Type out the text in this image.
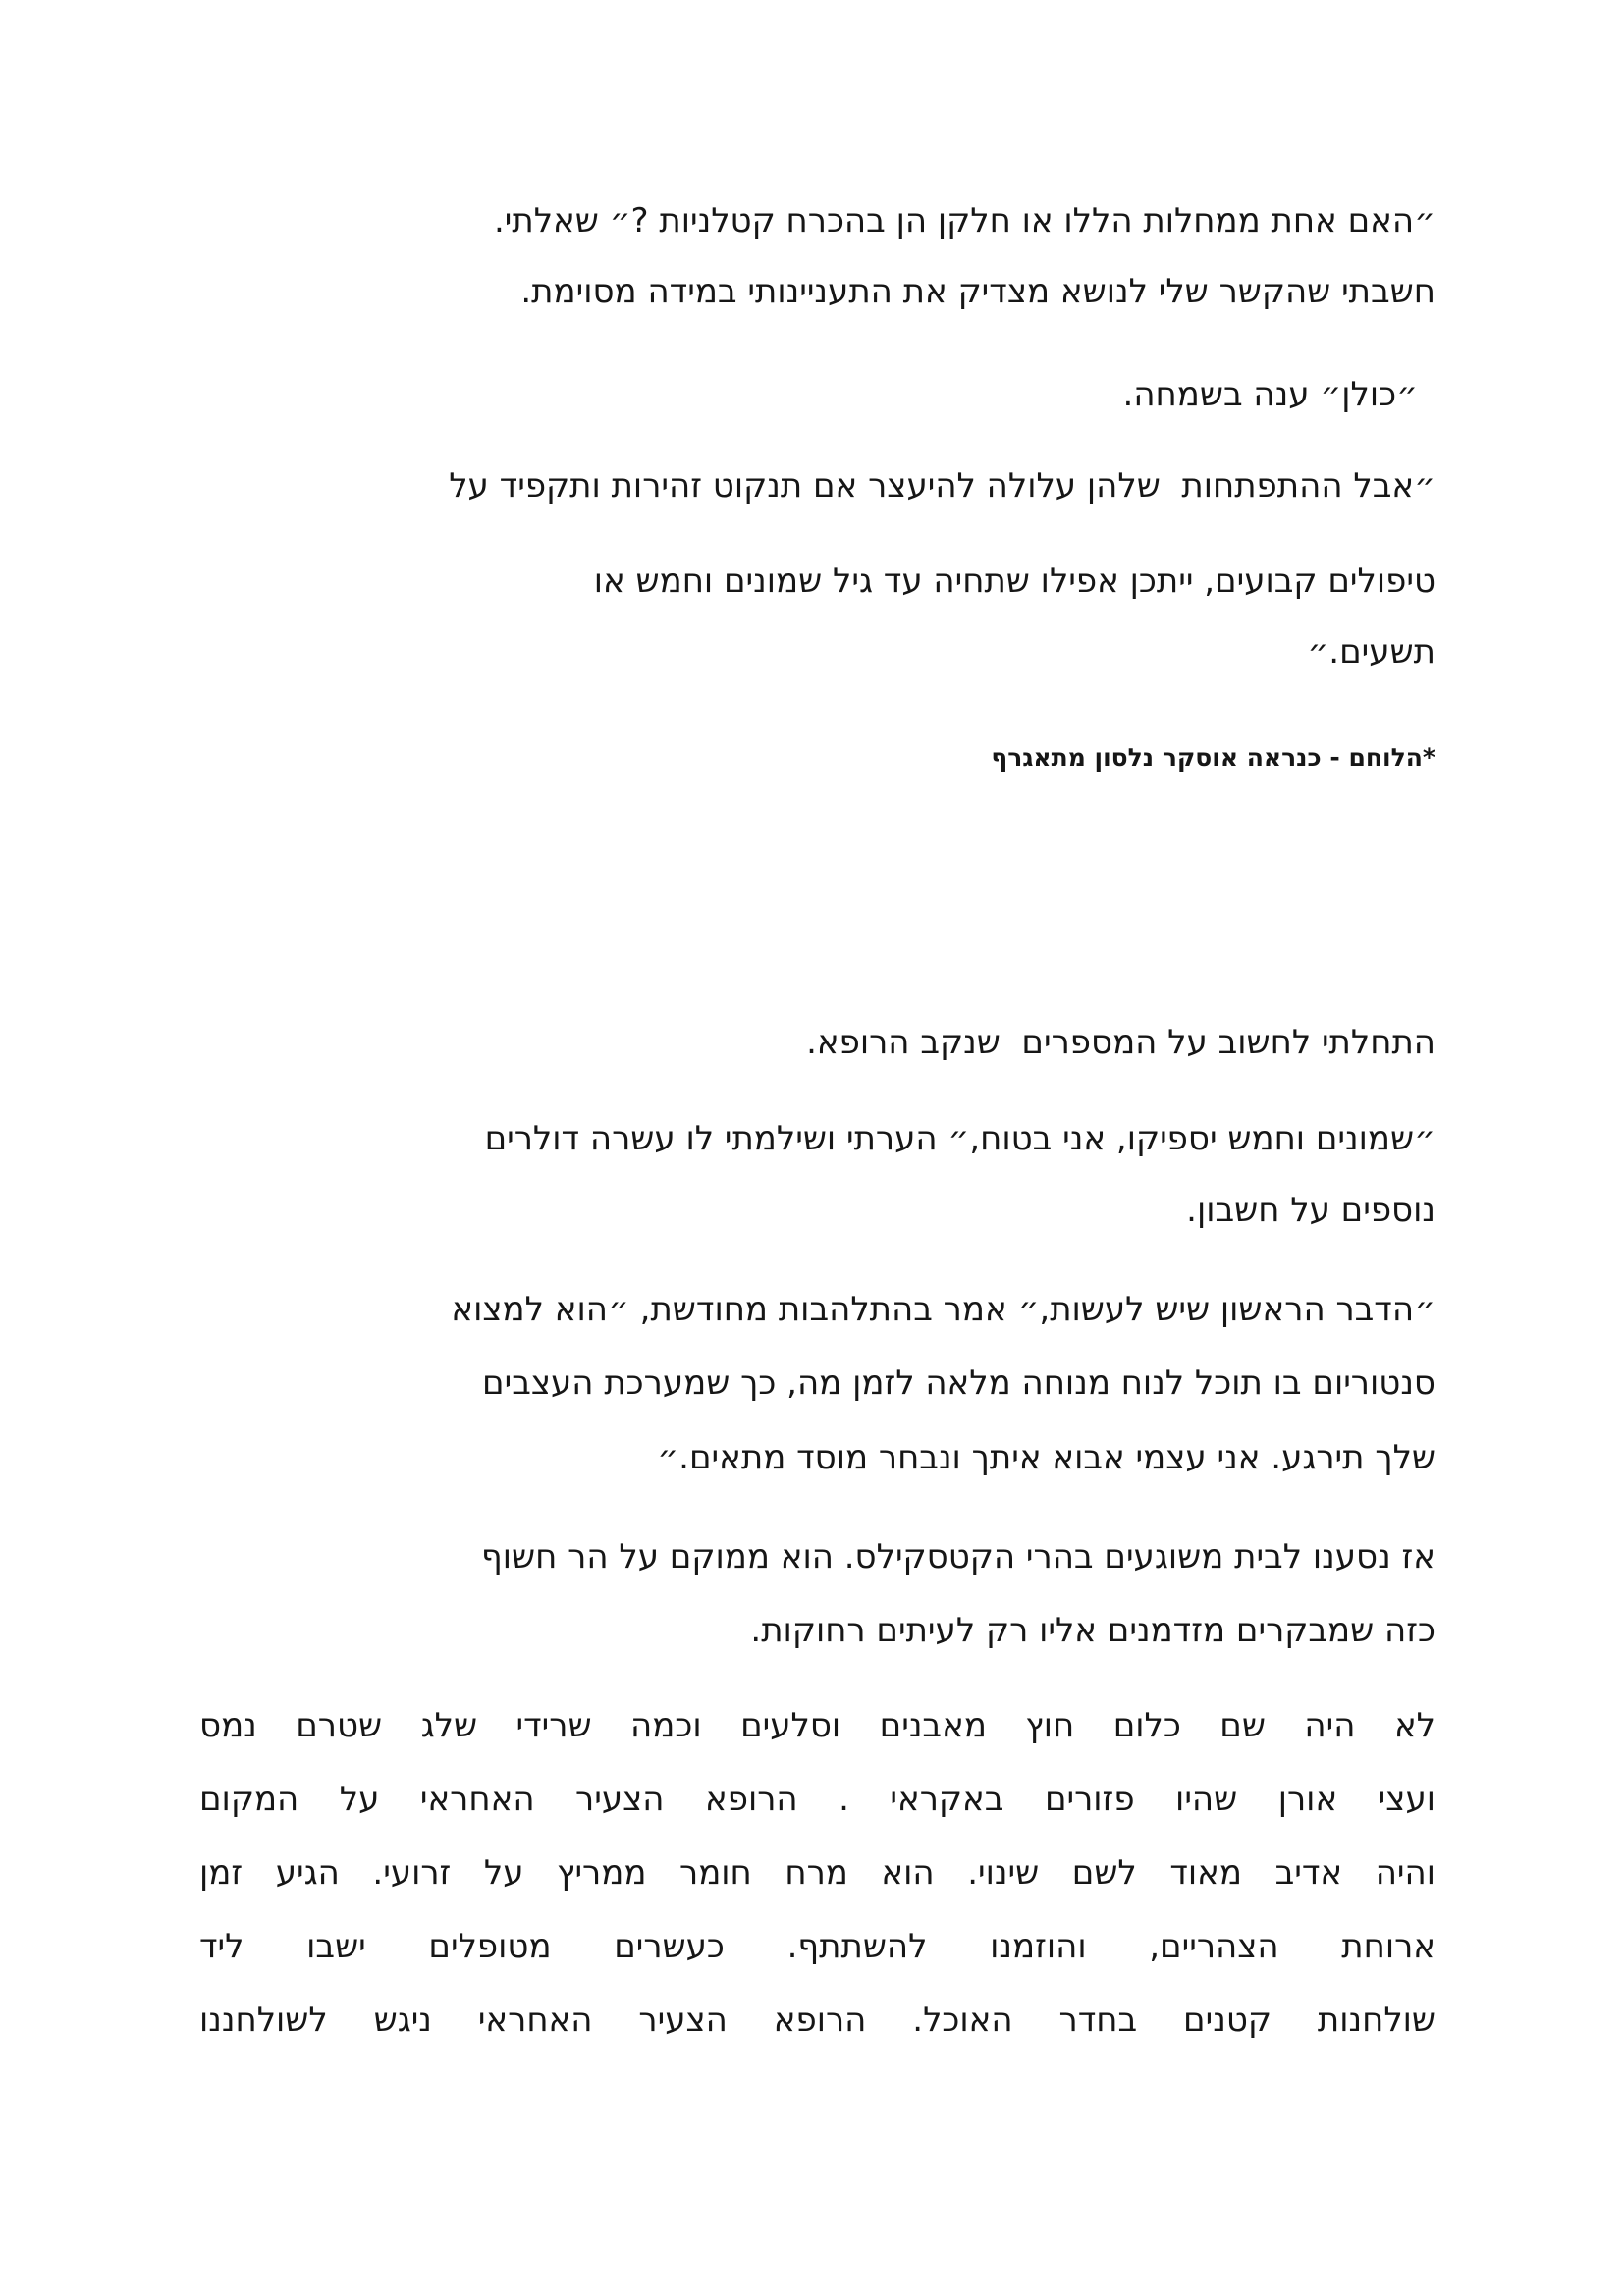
״האם אחת ממחלות הללו או חלקן הן בהכרח קטלניות ?״ שאלתי.
חשבתי שהקשר שלי לנושא מצדיק את התעניינותי במידה מסוימת.
״כולן״ ענה בשמחה.
״אבל ההתפתחות  שלהן עלולה להיעצר אם תנקוט זהירות ותקפיד על
טיפולים קבועים, ייתכן אפילו שתחיה עד גיל שמונים וחמש או
תשעים.״
*הלוחם - כנראה אוסקר נלסון מתאגרף
התחלתי לחשוב על המספרים  שנקב הרופא.
״שמונים וחמש יספיקו, אני בטוח,״ הערתי ושילמתי לו עשרה דולרים
נוספים על חשבון.
״הדבר הראשון שיש לעשות,״ אמר בהתלהבות מחודשת, ״הוא למצוא
סנטוריום בו תוכל לנוח מנוחה מלאה לזמן מה, כך שמערכת העצבים
שלך תירגע. אני עצמי אבוא איתך ונבחר מוסד מתאים.״
אז נסענו לבית משוגעים בהרי הקטסקילס. הוא ממוקם על הר חשוף
כזה שמבקרים מזדמנים אליו רק לעיתים רחוקות.
לא היה שם כלום חוץ מאבנים וסלעים וכמה שרידי שלג שטרם נמס
ועצי אורן שהיו פזורים באקראי . הרופא הצעיר האחראי על המקום
והיה אדיב מאוד לשם שינוי. הוא מרח חומר ממריץ על זרועי. הגיע זמן
ארוחת הצהריים, והוזמנו להשתתף. כעשרים מטופלים ישבו ליד
שולחנות קטנים בחדר האוכל. הרופא הצעיר האחראי ניגש לשולחננו
